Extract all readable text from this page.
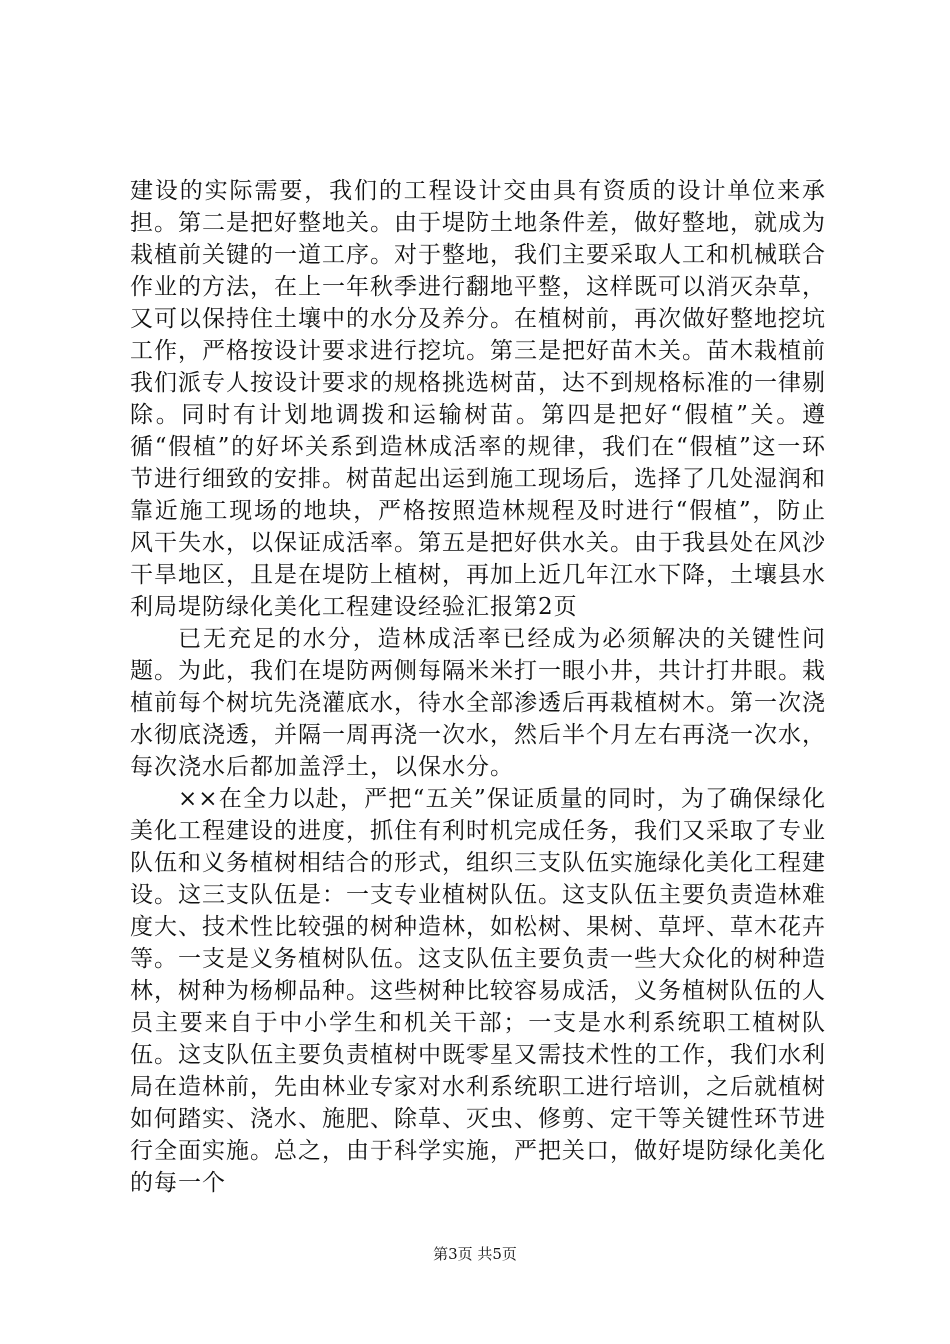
建设的实际需要，我们的工程设计交由具有资质的设计单位来承担。第二是把好整地关。由于堤防土地条件差，做好整地，就成为栽植前关键的一道工序。对于整地，我们主要采取人工和机械联合作业的方法，在上一年秋季进行翻地平整，这样既可以消灭杂草，又可以保持住土壤中的水分及养分。在植树前，再次做好整地挖坑工作，严格按设计要求进行挖坑。第三是把好苗木关。苗木栽植前我们派专人按设计要求的规格挑选树苗，达不到规格标准的一律剔除。同时有计划地调拨和运输树苗。第四是把好“假植”关。遵循“假植”的好坏关系到造林成活率的规律，我们在“假植”这一环节进行细致的安排。树苗起出运到施工现场后，选择了几处湿润和靠近施工现场的地块，严格按照造林规程及时进行“假植”，防止风干失水，以保证成活率。第五是把好供水关。由于我县处在风沙干旱地区，且是在堤防上植树，再加上近几年江水下降，土壤县水利局堤防绿化美化工程建设经验汇报第2页

已无充足的水分，造林成活率已经成为必须解决的关键性问题。为此，我们在堤防两侧每隔米米打一眼小井，共计打井眼。栽植前每个树坑先浇灌底水，待水全部渗透后再栽植树木。第一次浇水彻底浇透，并隔一周再浇一次水，然后半个月左右再浇一次水，每次浇水后都加盖浮土，以保水分。

××在全力以赴，严把“五关”保证质量的同时，为了确保绿化美化工程建设的进度，抓住有利时机完成任务，我们又采取了专业队伍和义务植树相结合的形式，组织三支队伍实施绿化美化工程建设。这三支队伍是：一支专业植树队伍。这支队伍主要负责造林难度大、技术性比较强的树种造林，如松树、果树、草坪、草木花卉等。一支是义务植树队伍。这支队伍主要负责一些大众化的树种造林，树种为杨柳品种。这些树种比较容易成活，义务植树队伍的人员主要来自于中小学生和机关干部；一支是水利系统职工植树队伍。这支队伍主要负责植树中既零星又需技术性的工作，我们水利局在造林前，先由林业专家对水利系统职工进行培训，之后就植树如何踏实、浇水、施肥、除草、灭虫、修剪、定干等关键性环节进行全面实施。总之，由于科学实施，严把关口，做好堤防绿化美化的每一个

第3页 共5页
